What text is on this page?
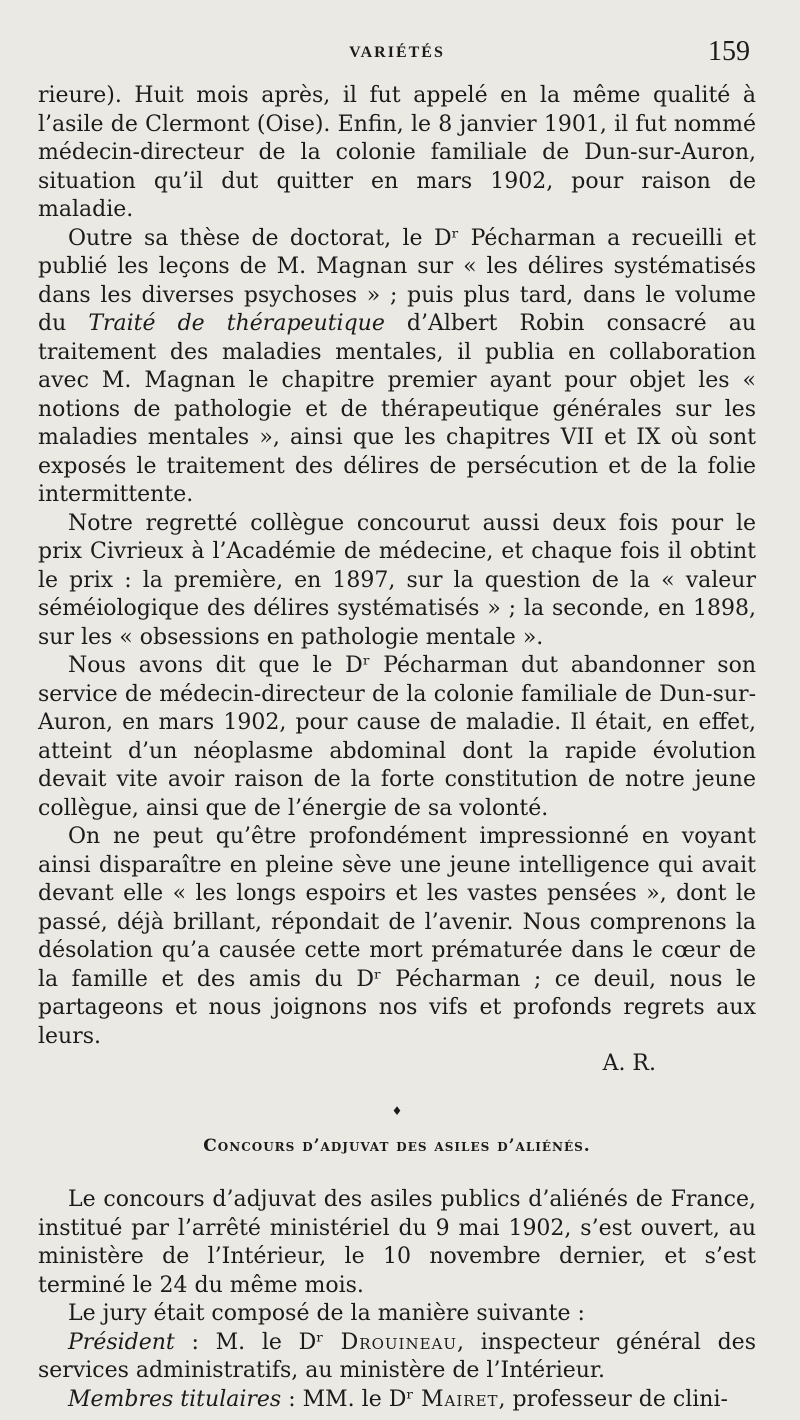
VARIÉTÉS	159

rieure). Huit mois après, il fut appelé en la même qualité à l’asile de Clermont (Oise). Enfin, le 8 janvier 1901, il fut nommé médecin-directeur de la colonie familiale de Dun-sur-Auron, situation qu’il dut quitter en mars 1902, pour raison de maladie.

Outre sa thèse de doctorat, le Dʳ Pécharman a recueilli et publié les leçons de M. Magnan sur « les délires systématisés dans les diverses psychoses » ; puis plus tard, dans le volume du Traité de thérapeutique d’Albert Robin consacré au traitement des maladies mentales, il publia en collaboration avec M. Magnan le chapitre premier ayant pour objet les « notions de pathologie et de thérapeutique générales sur les maladies mentales », ainsi que les chapitres VII et IX où sont exposés le traitement des délires de persécution et de la folie intermittente.

Notre regretté collègue concourut aussi deux fois pour le prix Civrieux à l’Académie de médecine, et chaque fois il obtint le prix : la première, en 1897, sur la question de la « valeur séméiologique des délires systématisés » ; la seconde, en 1898, sur les « obsessions en pathologie mentale ».

Nous avons dit que le Dʳ Pécharman dut abandonner son service de médecin-directeur de la colonie familiale de Dun-sur-Auron, en mars 1902, pour cause de maladie. Il était, en effet, atteint d’un néoplasme abdominal dont la rapide évolution devait vite avoir raison de la forte constitution de notre jeune collègue, ainsi que de l’énergie de sa volonté.

On ne peut qu’être profondément impressionné en voyant ainsi disparaître en pleine sève une jeune intelligence qui avait devant elle « les longs espoirs et les vastes pensées », dont le passé, déjà brillant, répondait de l’avenir. Nous comprenons la désolation qu’a causée cette mort prématurée dans le cœur de la famille et des amis du Dʳ Pécharman ; ce deuil, nous le partageons et nous joignons nos vifs et profonds regrets aux leurs.

A. R.
♦
Concours d’adjuvat des asiles d’aliénés.

Le concours d’adjuvat des asiles publics d’aliénés de France, institué par l’arrêté ministériel du 9 mai 1902, s’est ouvert, au ministère de l’Intérieur, le 10 novembre dernier, et s’est terminé le 24 du même mois.

Le jury était composé de la manière suivante :

Président : M. le Dʳ Drouineau, inspecteur général des services administratifs, au ministère de l’Intérieur.

Membres titulaires : MM. le Dʳ Mairet, professeur de clini-
